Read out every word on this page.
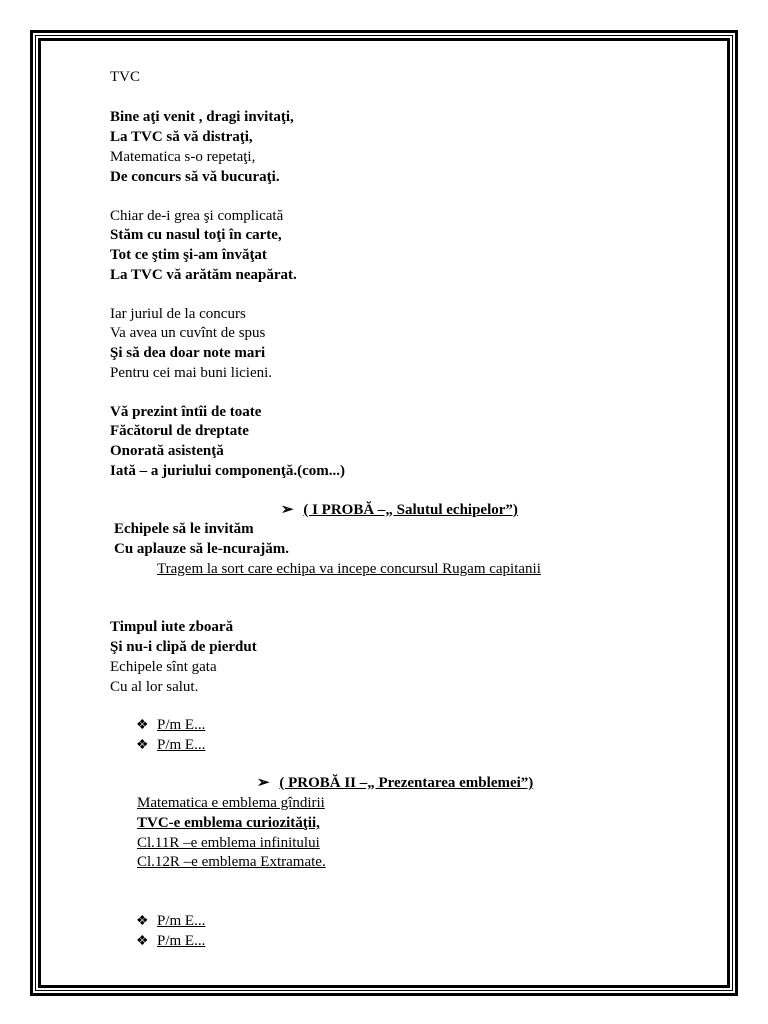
TVC
Bine aţi venit , dragi invitaţi,
La TVC să vă distraţi,
Matematica s-o repetaţi,
De concurs să vă bucuraţi.
Chiar de-i grea şi complicată
Stăm cu nasul toţi în carte,
Tot ce ştim şi-am învăţat
La TVC vă arătăm neapărat.
Iar juriul de la concurs
Va avea un cuvînt de spus
Şi să dea doar note mari
Pentru cei mai buni licieni.
Vă prezint întîi de toate
Făcătorul de dreptate
Onorată asistenţă
Iată – a juriului componenţă.(com...)
➢ ( I PROBĂ –„ Salutul echipelor”)
Echipele să le invităm
Cu aplauze să le-ncurajăm.
Tragem la sort care echipa va incepe concursul Rugam capitanii
Timpul iute zboară
Şi nu-i clipă de pierdut
Echipele sînt gata
Cu al lor salut.
❖ P/m E...
❖ P/m E...
➢ ( PROBĂ II –„ Prezentarea emblemei”)
Matematica e emblema gîndirii
TVC-e emblema curiozităţii,
Cl.11R –e emblema infinitului
Cl.12R –e emblema Extramate.
❖ P/m E...
❖ P/m E...
